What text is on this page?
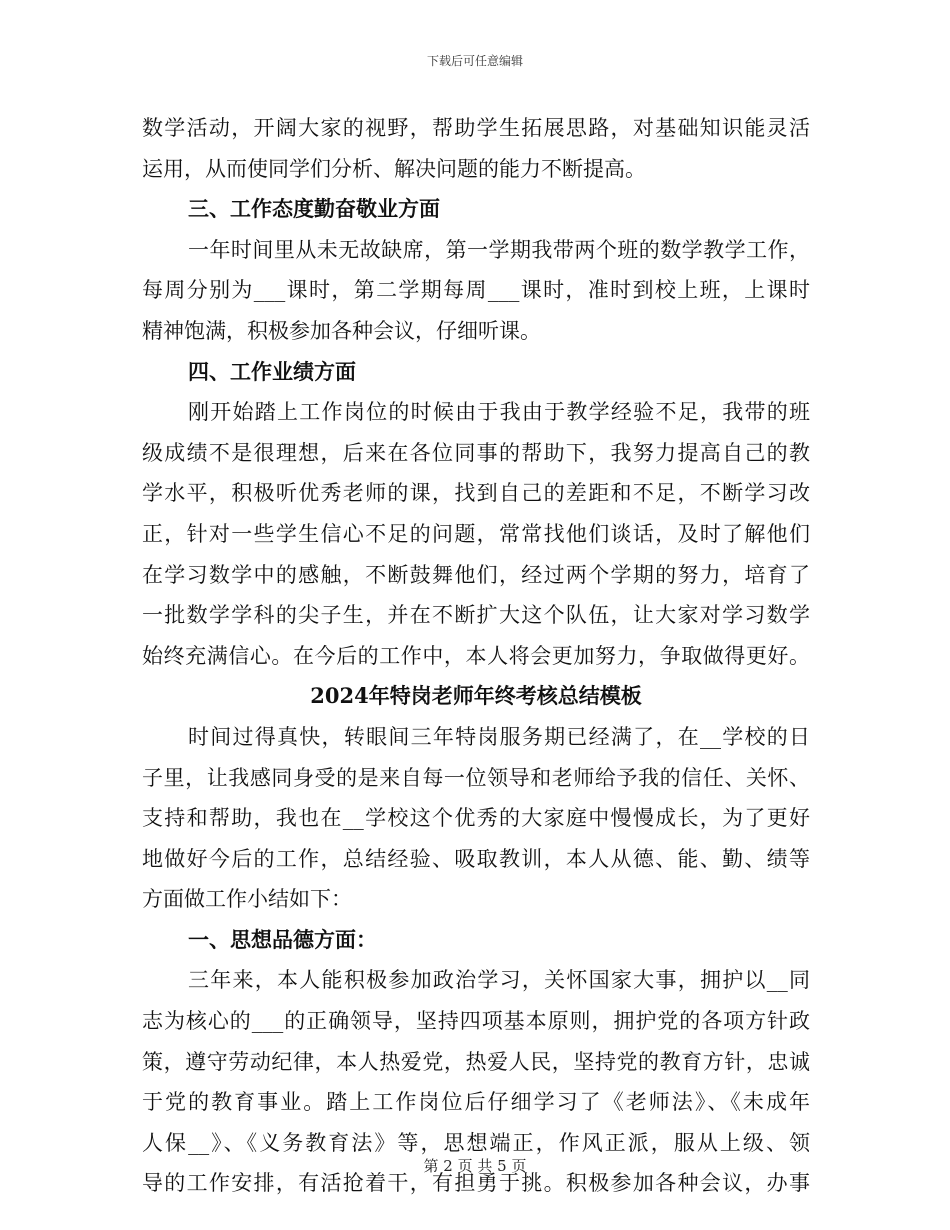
下载后可任意编辑
数学活动，开阔大家的视野，帮助学生拓展思路，对基础知识能灵活
运用，从而使同学们分析、解决问题的能力不断提高。
三、工作态度勤奋敬业方面
一年时间里从未无故缺席，第一学期我带两个班的数学教学工作，
每周分别为___课时，第二学期每周___课时，准时到校上班，上课时
精神饱满，积极参加各种会议，仔细听课。
四、工作业绩方面
刚开始踏上工作岗位的时候由于我由于教学经验不足，我带的班
级成绩不是很理想，后来在各位同事的帮助下，我努力提高自己的教
学水平，积极听优秀老师的课，找到自己的差距和不足，不断学习改
正，针对一些学生信心不足的问题，常常找他们谈话，及时了解他们
在学习数学中的感触，不断鼓舞他们，经过两个学期的努力，培育了
一批数学学科的尖子生，并在不断扩大这个队伍，让大家对学习数学
始终充满信心。在今后的工作中，本人将会更加努力，争取做得更好。
2024年特岗老师年终考核总结模板
时间过得真快，转眼间三年特岗服务期已经满了，在__学校的日
子里，让我感同身受的是来自每一位领导和老师给予我的信任、关怀、
支持和帮助，我也在__学校这个优秀的大家庭中慢慢成长，为了更好
地做好今后的工作，总结经验、吸取教训，本人从德、能、勤、绩等
方面做工作小结如下：
一、思想品德方面：
三年来，本人能积极参加政治学习，关怀国家大事，拥护以__同
志为核心的___的正确领导，坚持四项基本原则，拥护党的各项方针政
策，遵守劳动纪律，本人热爱党，热爱人民，坚持党的教育方针，忠诚
于党的教育事业。踏上工作岗位后仔细学习了《老师法》、《未成年
人保__》、《义务教育法》等，思想端正，作风正派，服从上级、领
导的工作安排，有活抢着干，有担勇于挑。积极参加各种会议，办事
第 2 页 共 5 页
